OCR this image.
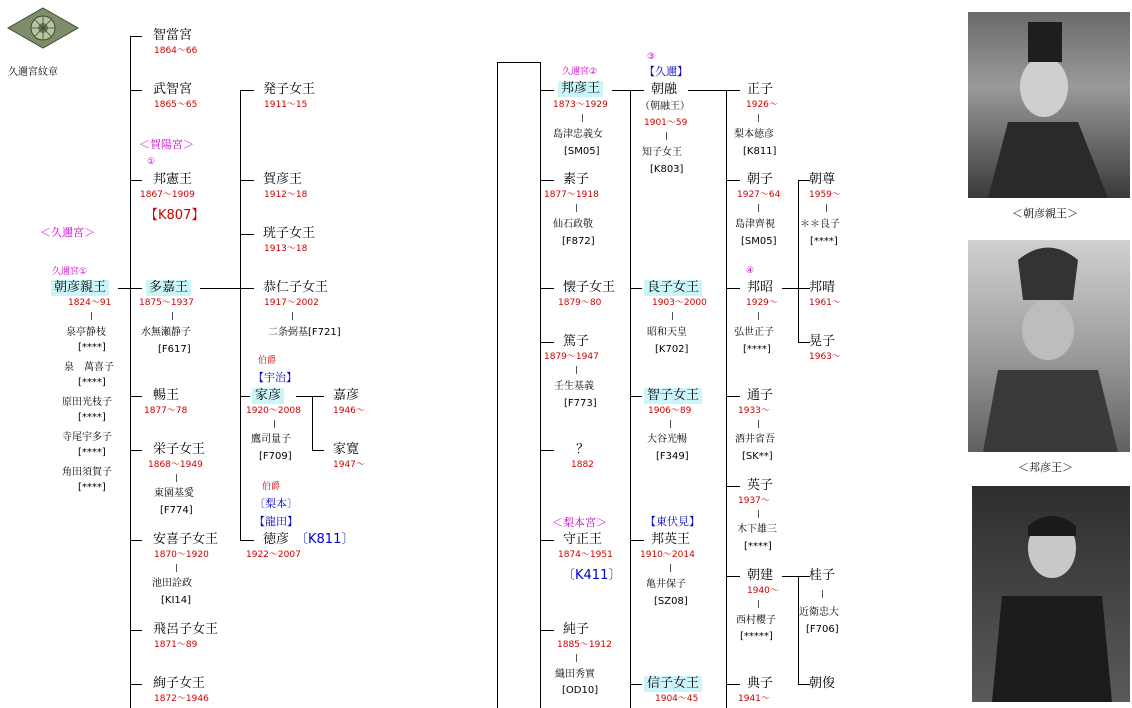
久邇宮紋章
＜朝彦親王＞
＜邦彦王＞
＜久邇宮＞
久邇宮①
朝彦親王
1824～91
泉亭静枝
[****]
泉　萬喜子
[****]
原田光枝子
[****]
寺尾宇多子
[****]
角田須賀子
[****]
智當宮
1864～66
武智宮
1865～65
＜賀陽宮＞
①
邦憲王
1867～1909
【K807】
多嘉王
1875～1937
水無瀬静子
[F617]
暢王
1877～78
栄子女王
1868～1949
東園基愛
[F774]
安喜子女王
1870～1920
池田詮政
[KI14]
飛呂子女王
1871～89
絢子女王
1872～1946
発子女王
1911～15
賀彦王
1912～18
珖子女王
1913～18
恭仁子女王
1917～2002
二条弼基[F721]
伯爵
【宇治】
家彦
1920～2008
鷹司量子
[F709]
伯爵
〔梨本〕
【龍田】
徳彦 〔K811〕
1922～2007
嘉彦
1946～
家寛
1947～
久邇宮②
邦彦王
1873～1929
島津忠義女
[SM05]
素子
1877～1918
仙石政敬
[F872]
懐子女王
1879～80
篤子
1879～1947
壬生基義
[F773]
？
1882
＜梨本宮＞
守正王
1874～1951
〔K411〕
純子
1885～1912
織田秀實
[OD10]
③
【久邇】
朝融
（朝融王）
1901～59
知子女王
[K803]
良子女王
1903～2000
昭和天皇
[K702]
智子女王
1906～89
大谷光暢
[F349]
【東伏見】
邦英王
1910～2014
亀井保子
[SZ08]
信子女王
1904～45
正子
1926～
梨本徳彦
[K811]
朝子
1927～64
島津齊視
[SM05]
④
邦昭
1929～
弘世正子
[****]
通子
1933～
酒井省吾
[SK**]
英子
1937～
木下雄三
[****]
朝建
1940～
西村櫻子
[*****]
典子
1941～
朝尊
1959～
＊＊良子
[****]
邦晴
1961～
晃子
1963～
桂子
近衛忠大
[F706]
朝俊
